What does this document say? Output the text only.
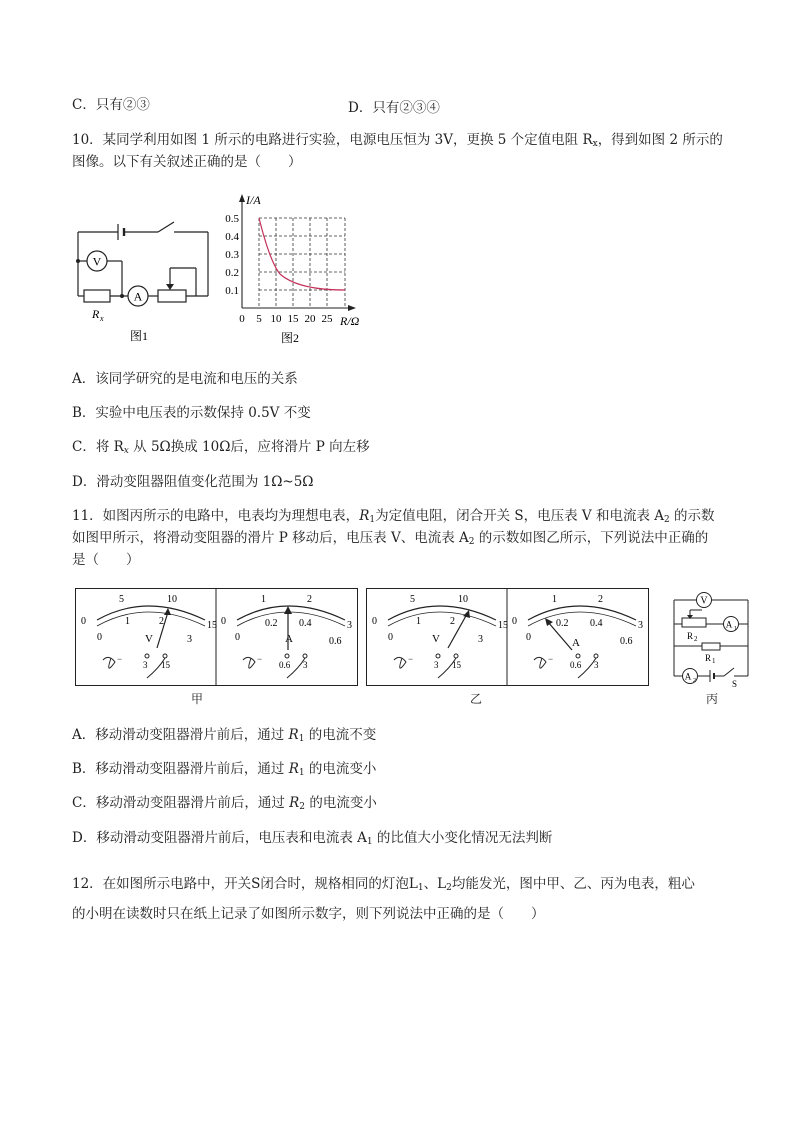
C．只有②③	D．只有②③④
10．某同学利用如图 1 所示的电路进行实验，电源电压恒为 3V，更换 5 个定值电阻 $R_x$，得到如图 2 所示的
图像。以下有关叙述正确的是（　　）
V
A
R x
图1
I/A
0.5
0.4
0.3
0.2
0.1
0 5 10 15 20 25 R/Ω
图2
A．该同学研究的是电流和电压的关系
B．实验中电压表的示数保持 0.5V 不变
C．将 $R_x$ 从 5Ω换成 10Ω后，应将滑片 P 向左移
D．滑动变阻器阻值变化范围为 1Ω~5Ω
11．如图丙所示的电路中，电表均为理想电表，$R_1$为定值电阻，闭合开关 S，电压表 V 和电流表 $A_2$ 的示数
如图甲所示，将滑动变阻器的滑片 P 移动后，电压表 V、电流表 $A_2$ 的示数如图乙所示，下列说法中正确的
是（　　）
0
5	10
15
0
1	2
3
V
−
3 15
0
1	2
3
0
0.2 0.4
0.6
A
−
0.6 3
0
5	10
15
0
1	2
3
V
−
3 15
0
1	2
3
0
0.2 0.4
0.6
A
−
0.6 3
V
R 2
A 1
R 1
A 2	S
甲	乙	丙
A．移动滑动变阻器滑片前后，通过 $R_1$ 的电流不变
B．移动滑动变阻器滑片前后，通过 $R_1$ 的电流变小
C．移动滑动变阻器滑片前后，通过 $R_2$ 的电流变小
D．移动滑动变阻器滑片前后，电压表和电流表 $A_1$ 的比值大小变化情况无法判断
12．在如图所示电路中，开关S闭合时，规格相同的灯泡$L_1$、$L_2$均能发光，图中甲、乙、丙为电表，粗心
的小明在读数时只在纸上记录了如图所示数字，则下列说法中正确的是（　　）
